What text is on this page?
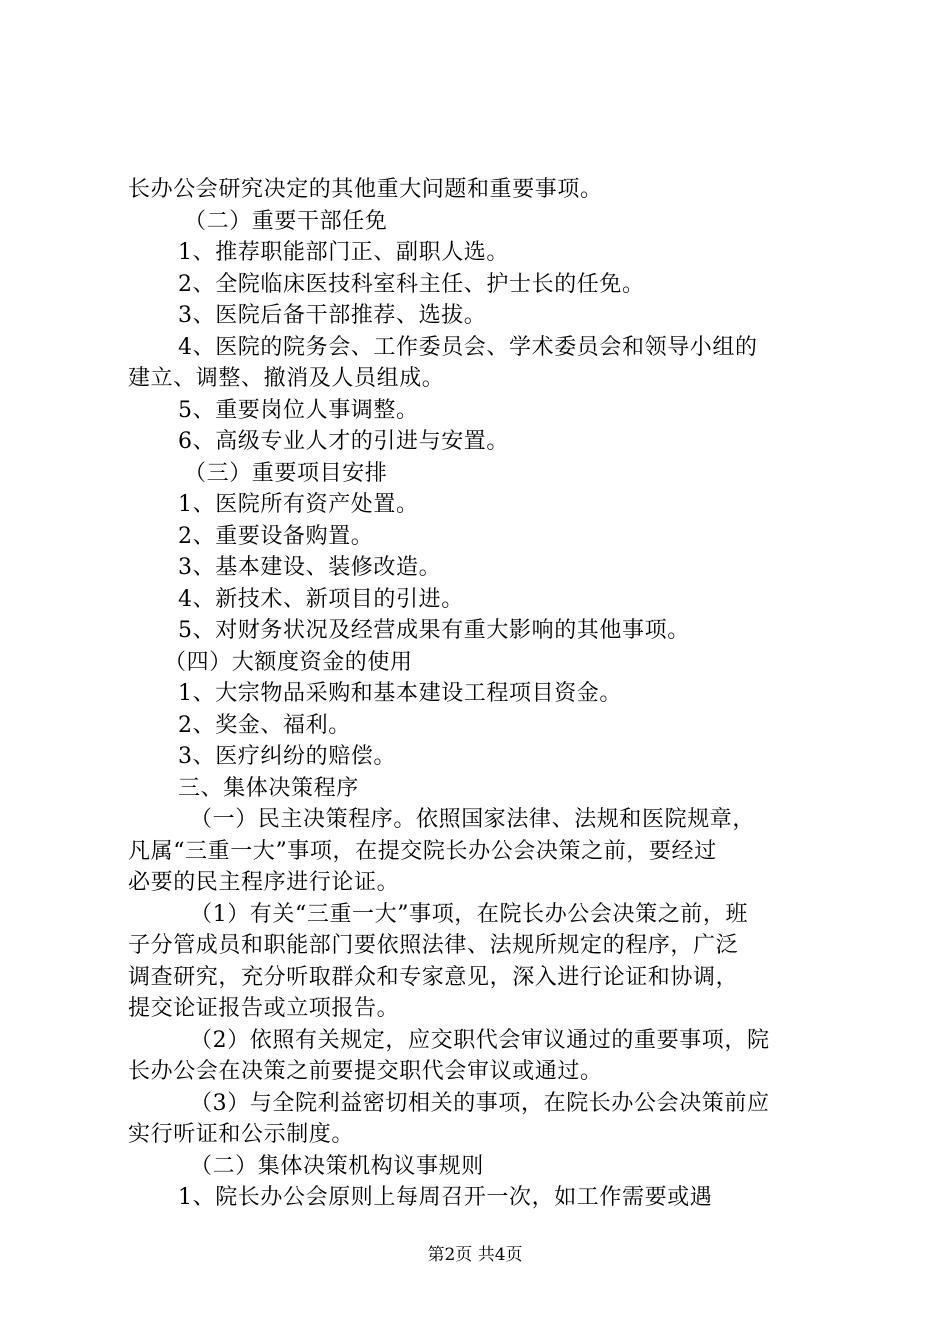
长办公会研究决定的其他重大问题和重要事项。
（二）重要干部任免
1、推荐职能部门正、副职人选。
2、全院临床医技科室科主任、护士长的任免。
3、医院后备干部推荐、选拔。
4、医院的院务会、工作委员会、学术委员会和领导小组的
建立、调整、撤消及人员组成。
5、重要岗位人事调整。
6、高级专业人才的引进与安置。
（三）重要项目安排
1、医院所有资产处置。
2、重要设备购置。
3、基本建设、装修改造。
4、新技术、新项目的引进。
5、对财务状况及经营成果有重大影响的其他事项。
（四）大额度资金的使用
1、大宗物品采购和基本建设工程项目资金。
2、奖金、福利。
3、医疗纠纷的赔偿。
三、集体决策程序
（一）民主决策程序。依照国家法律、法规和医院规章，
凡属“三重一大”事项，在提交院长办公会决策之前，要经过
必要的民主程序进行论证。
（1）有关“三重一大”事项，在院长办公会决策之前，班
子分管成员和职能部门要依照法律、法规所规定的程序，广泛
调查研究，充分听取群众和专家意见，深入进行论证和协调，
提交论证报告或立项报告。
（2）依照有关规定，应交职代会审议通过的重要事项，院
长办公会在决策之前要提交职代会审议或通过。
（3）与全院利益密切相关的事项，在院长办公会决策前应
实行听证和公示制度。
（二）集体决策机构议事规则
1、院长办公会原则上每周召开一次，如工作需要或遇
第2页 共4页
